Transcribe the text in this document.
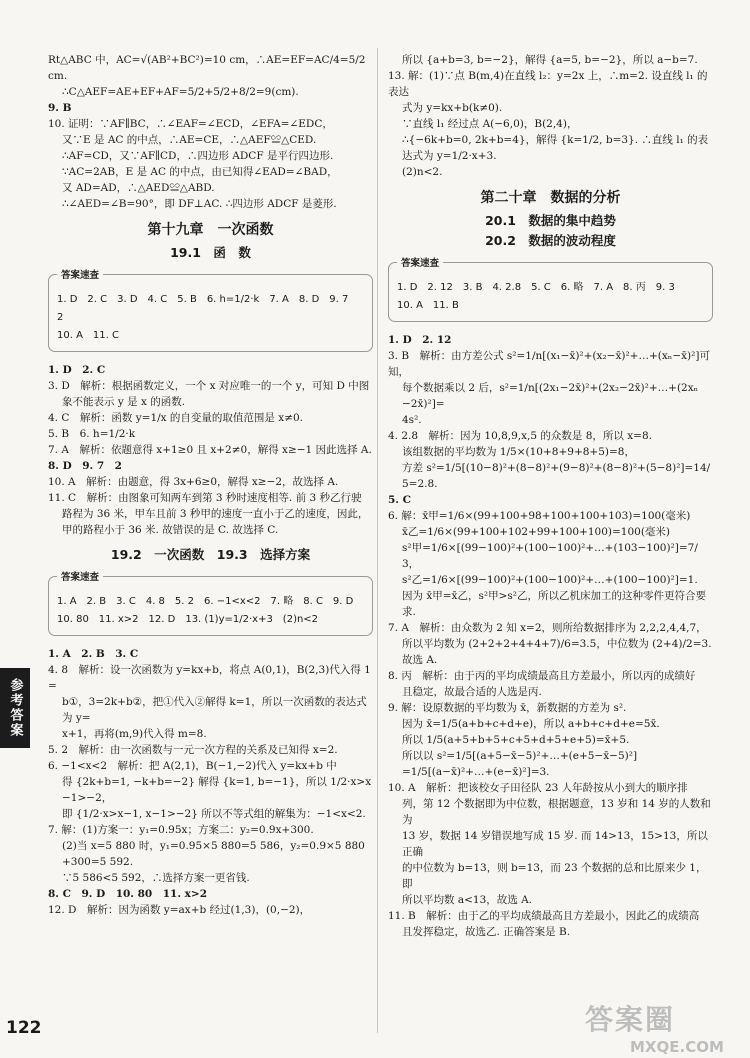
Rt△ABC 中，AC=√(AB²+BC²)=10 cm，∴AE=EF=AC/4=5/2 cm.

∴C△AEF=AE+EF+AF=5/2+5/2+8/2=9(cm).

9. B

10. 证明：∵AF∥BC，∴∠EAF=∠ECD，∠EFA=∠EDC，

又∵E 是 AC 的中点，∴AE=CE，∴△AEF≌△CED.

∴AF=CD，又∵AF∥CD，∴四边形 ADCF 是平行四边形.

∵AC=2AB，E 是 AC 的中点，由已知得∠EAD=∠BAD，

又 AD=AD，∴△AED≌△ABD.

∴∠AED=∠B=90°，即 DF⊥AC. ∴四边形 ADCF 是菱形.

第十九章　一次函数
19.1　函　数
答案速查

1. D　2. C　3. D　4. C　5. B　6. h=1/2·k　7. A　8. D　9. 7　2

10. A　11. C

1. D　2. C

3. D　解析：根据函数定义，一个 x 对应唯一的一个 y，可知 D 中图

象不能表示 y 是 x 的函数.

4. C　解析：函数 y=1/x 的自变量的取值范围是 x≠0.

5. B　6. h=1/2·k

7. A　解析：依题意得 x+1≥0 且 x+2≠0，解得 x≥−1 因此选择 A.

8. D　9. 7　2

10. A　解析：由题意，得 3x+6≥0，解得 x≥−2，故选择 A.

11. C　解析：由图象可知两车到第 3 秒时速度相等. 前 3 秒乙行驶

路程为 36 米，甲车且前 3 秒甲的速度一直小于乙的速度，因此，

甲的路程小于 36 米. 故错误的是 C. 故选择 C.

19.2　一次函数　19.3　选择方案
答案速查

1. A　2. B　3. C　4. 8　5. 2　6. −1<x<2　7. 略　8. C　9. D

10. 80　11. x>2　12. D　13. (1)y=1/2·x+3　(2)n<2

1. A　2. B　3. C

4. 8　解析：设一次函数为 y=kx+b，将点 A(0,1)，B(2,3)代入得 1=

b①，3=2k+b②，把①代入②解得 k=1，所以一次函数的表达式为 y=

x+1，再将(m,9)代入得 m=8.

5. 2　解析：由一次函数与一元一次方程的关系及已知得 x=2.

6. −1<x<2　解析：把 A(2,1)，B(−1,−2)代入 y=kx+b 中

得 {2k+b=1, −k+b=−2} 解得 {k=1, b=−1}，所以 1/2·x>x−1>−2，

即 {1/2·x>x−1, x−1>−2} 所以不等式组的解集为：−1<x<2.

7. 解：(1)方案一：y₁=0.95x；方案二：y₂=0.9x+300.

(2)当 x=5 880 时，y₁=0.95×5 880=5 586，y₂=0.9×5 880+300=5 592.

∵5 586<5 592，∴选择方案一更省钱.

8. C　9. D　10. 80　11. x>2

12. D　解析：因为函数 y=ax+b 经过(1,3)，(0,−2)，

所以 {a+b=3, b=−2}，解得 {a=5, b=−2}，所以 a−b=7.

13. 解：(1)∵点 B(m,4)在直线 l₂：y=2x 上，∴m=2. 设直线 l₁ 的表达

式为 y=kx+b(k≠0).

∵直线 l₁ 经过点 A(−6,0)，B(2,4)，

∴{−6k+b=0, 2k+b=4}，解得 {k=1/2, b=3}. ∴直线 l₁ 的表达式为 y=1/2·x+3.

(2)n<2.

第二十章　数据的分析
20.1　数据的集中趋势
20.2　数据的波动程度
答案速查

1. D　2. 12　3. B　4. 2.8　5. C　6. 略　7. A　8. 丙　9. 3

10. A　11. B

1. D　2. 12

3. B　解析：由方差公式 s²=1/n[(x₁−x̄)²+(x₂−x̄)²+…+(xₙ−x̄)²]可知，

每个数据乘以 2 后，s²=1/n[(2x₁−2x̄)²+(2x₂−2x̄)²+…+(2xₙ−2x̄)²]=

4s².

4. 2.8　解析：因为 10,8,9,x,5 的众数是 8，所以 x=8.

该组数据的平均数为 1/5×(10+8+9+8+5)=8，

方差 s²=1/5[(10−8)²+(8−8)²+(9−8)²+(8−8)²+(5−8)²]=14/5=2.8.

5. C

6. 解：x̄甲=1/6×(99+100+98+100+100+103)=100(毫米)

x̄乙=1/6×(99+100+102+99+100+100)=100(毫米)

s²甲=1/6×[(99−100)²+(100−100)²+…+(103−100)²]=7/3，

s²乙=1/6×[(99−100)²+(100−100)²+…+(100−100)²]=1.

因为 x̄甲=x̄乙，s²甲>s²乙，所以乙机床加工的这种零件更符合要求.

7. A　解析：由众数为 2 知 x=2，则所给数据排序为 2,2,2,4,4,7，

所以平均数为 (2+2+2+4+4+7)/6=3.5，中位数为 (2+4)/2=3. 故选 A.

8. 丙　解析：由于丙的平均成绩最高且方差最小，所以丙的成绩好

且稳定，故最合适的人选是丙.

9. 解：设原数据的平均数为 x̄，新数据的方差为 s².

因为 x̄=1/5(a+b+c+d+e)，所以 a+b+c+d+e=5x̄.

所以 1/5(a+5+b+5+c+5+d+5+e+5)=x̄+5.

所以以 s²=1/5[(a+5−x̄−5)²+…+(e+5−x̄−5)²]

=1/5[(a−x̄)²+…+(e−x̄)²]=3.

10. A　解析：把该校女子田径队 23 人年龄按从小到大的顺序排

列，第 12 个数据即为中位数，根据题意，13 岁和 14 岁的人数和为

13 岁，数据 14 岁错误地写成 15 岁. 而 14>13，15>13，所以正确

的中位数为 b=13，则 b=13，而 23 个数据的总和比原来少 1，即

所以平均数 a<13，故选 A.

11. B　解析：由于乙的平均成绩最高且方差最小，因此乙的成绩高

且发挥稳定，故选乙. 正确答案是 B.

参考答案
122	答案圈
MXQE.COM
